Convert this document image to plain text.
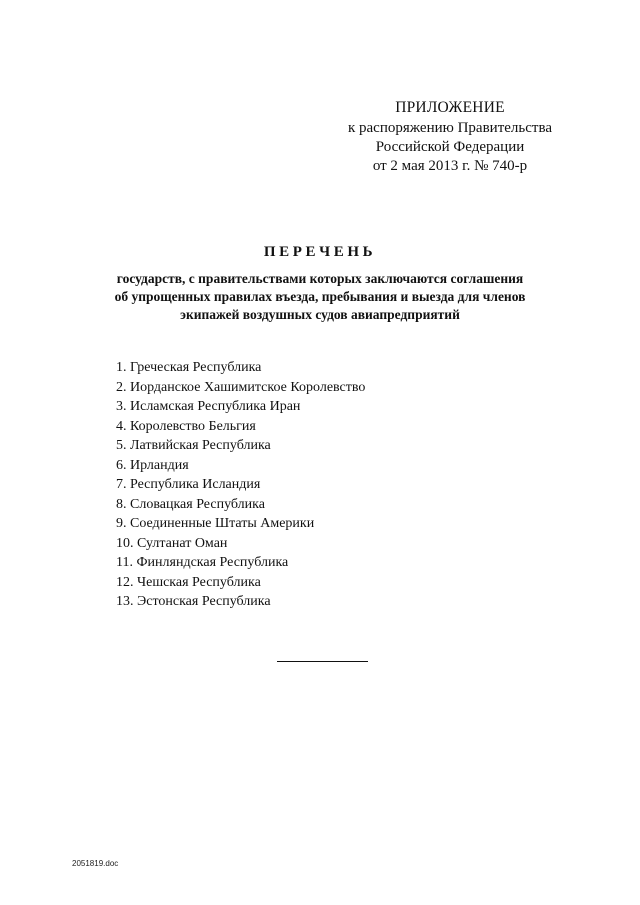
ПРИЛОЖЕНИЕ
к распоряжению Правительства
Российской Федерации
от 2 мая 2013 г. № 740-р
ПЕРЕЧЕНЬ
государств, с правительствами которых заключаются соглашения
об упрощенных правилах въезда, пребывания и выезда для членов
экипажей воздушных судов авиапредприятий
1. Греческая Республика
2. Иорданское Хашимитское Королевство
3. Исламская Республика Иран
4. Королевство Бельгия
5. Латвийская Республика
6. Ирландия
7. Республика Исландия
8. Словацкая Республика
9. Соединенные Штаты Америки
10. Султанат Оман
11. Финляндская Республика
12. Чешская Республика
13. Эстонская Республика
2051819.doc
